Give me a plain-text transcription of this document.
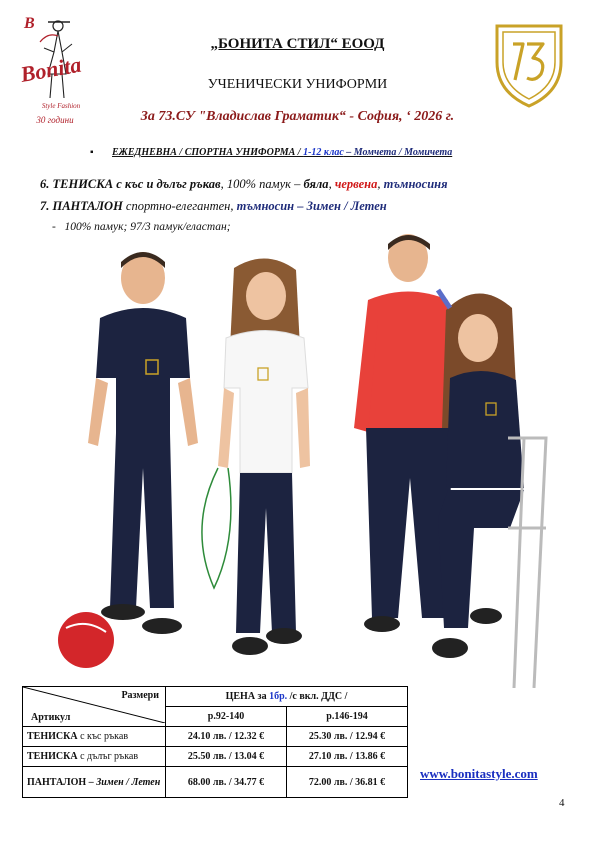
B
Bonita
Style Fashion
30 години
„БОНИТА СТИЛ“ ЕООД
УЧЕНИЧЕСКИ УНИФОРМИ
За 73.СУ "Владислав Граматик“ - София, ‘ 2026 г.
▪ ЕЖЕДНЕВНА / СПОРТНА УНИФОРМА / 1-12 клас – Момчета / Момичета
6. ТЕНИСКА с къс и дълъг ръкав, 100% памук – бяла, червена, тъмносиня
7. ПАНТАЛОН спортно-елегантен, тъмносин – Зимен / Летен
- 100% памук; 97/3 памук/еластан;
Размери
Артикул	ЦЕНА за 1бр. /с вкл. ДДС /	
	р.92-140	р.146-194
ТЕНИСКА с къс ръкав	24.10 лв. / 12.32 €	25.30 лв. / 12.94 €
ТЕНИСКА с дълъг ръкав	25.50 лв. / 13.04 €	27.10 лв. / 13.86 €
ПАНТАЛОН – Зимен / Летен	68.00 лв. / 34.77 €	72.00 лв. / 36.81 €
www.bonitastyle.com
4
